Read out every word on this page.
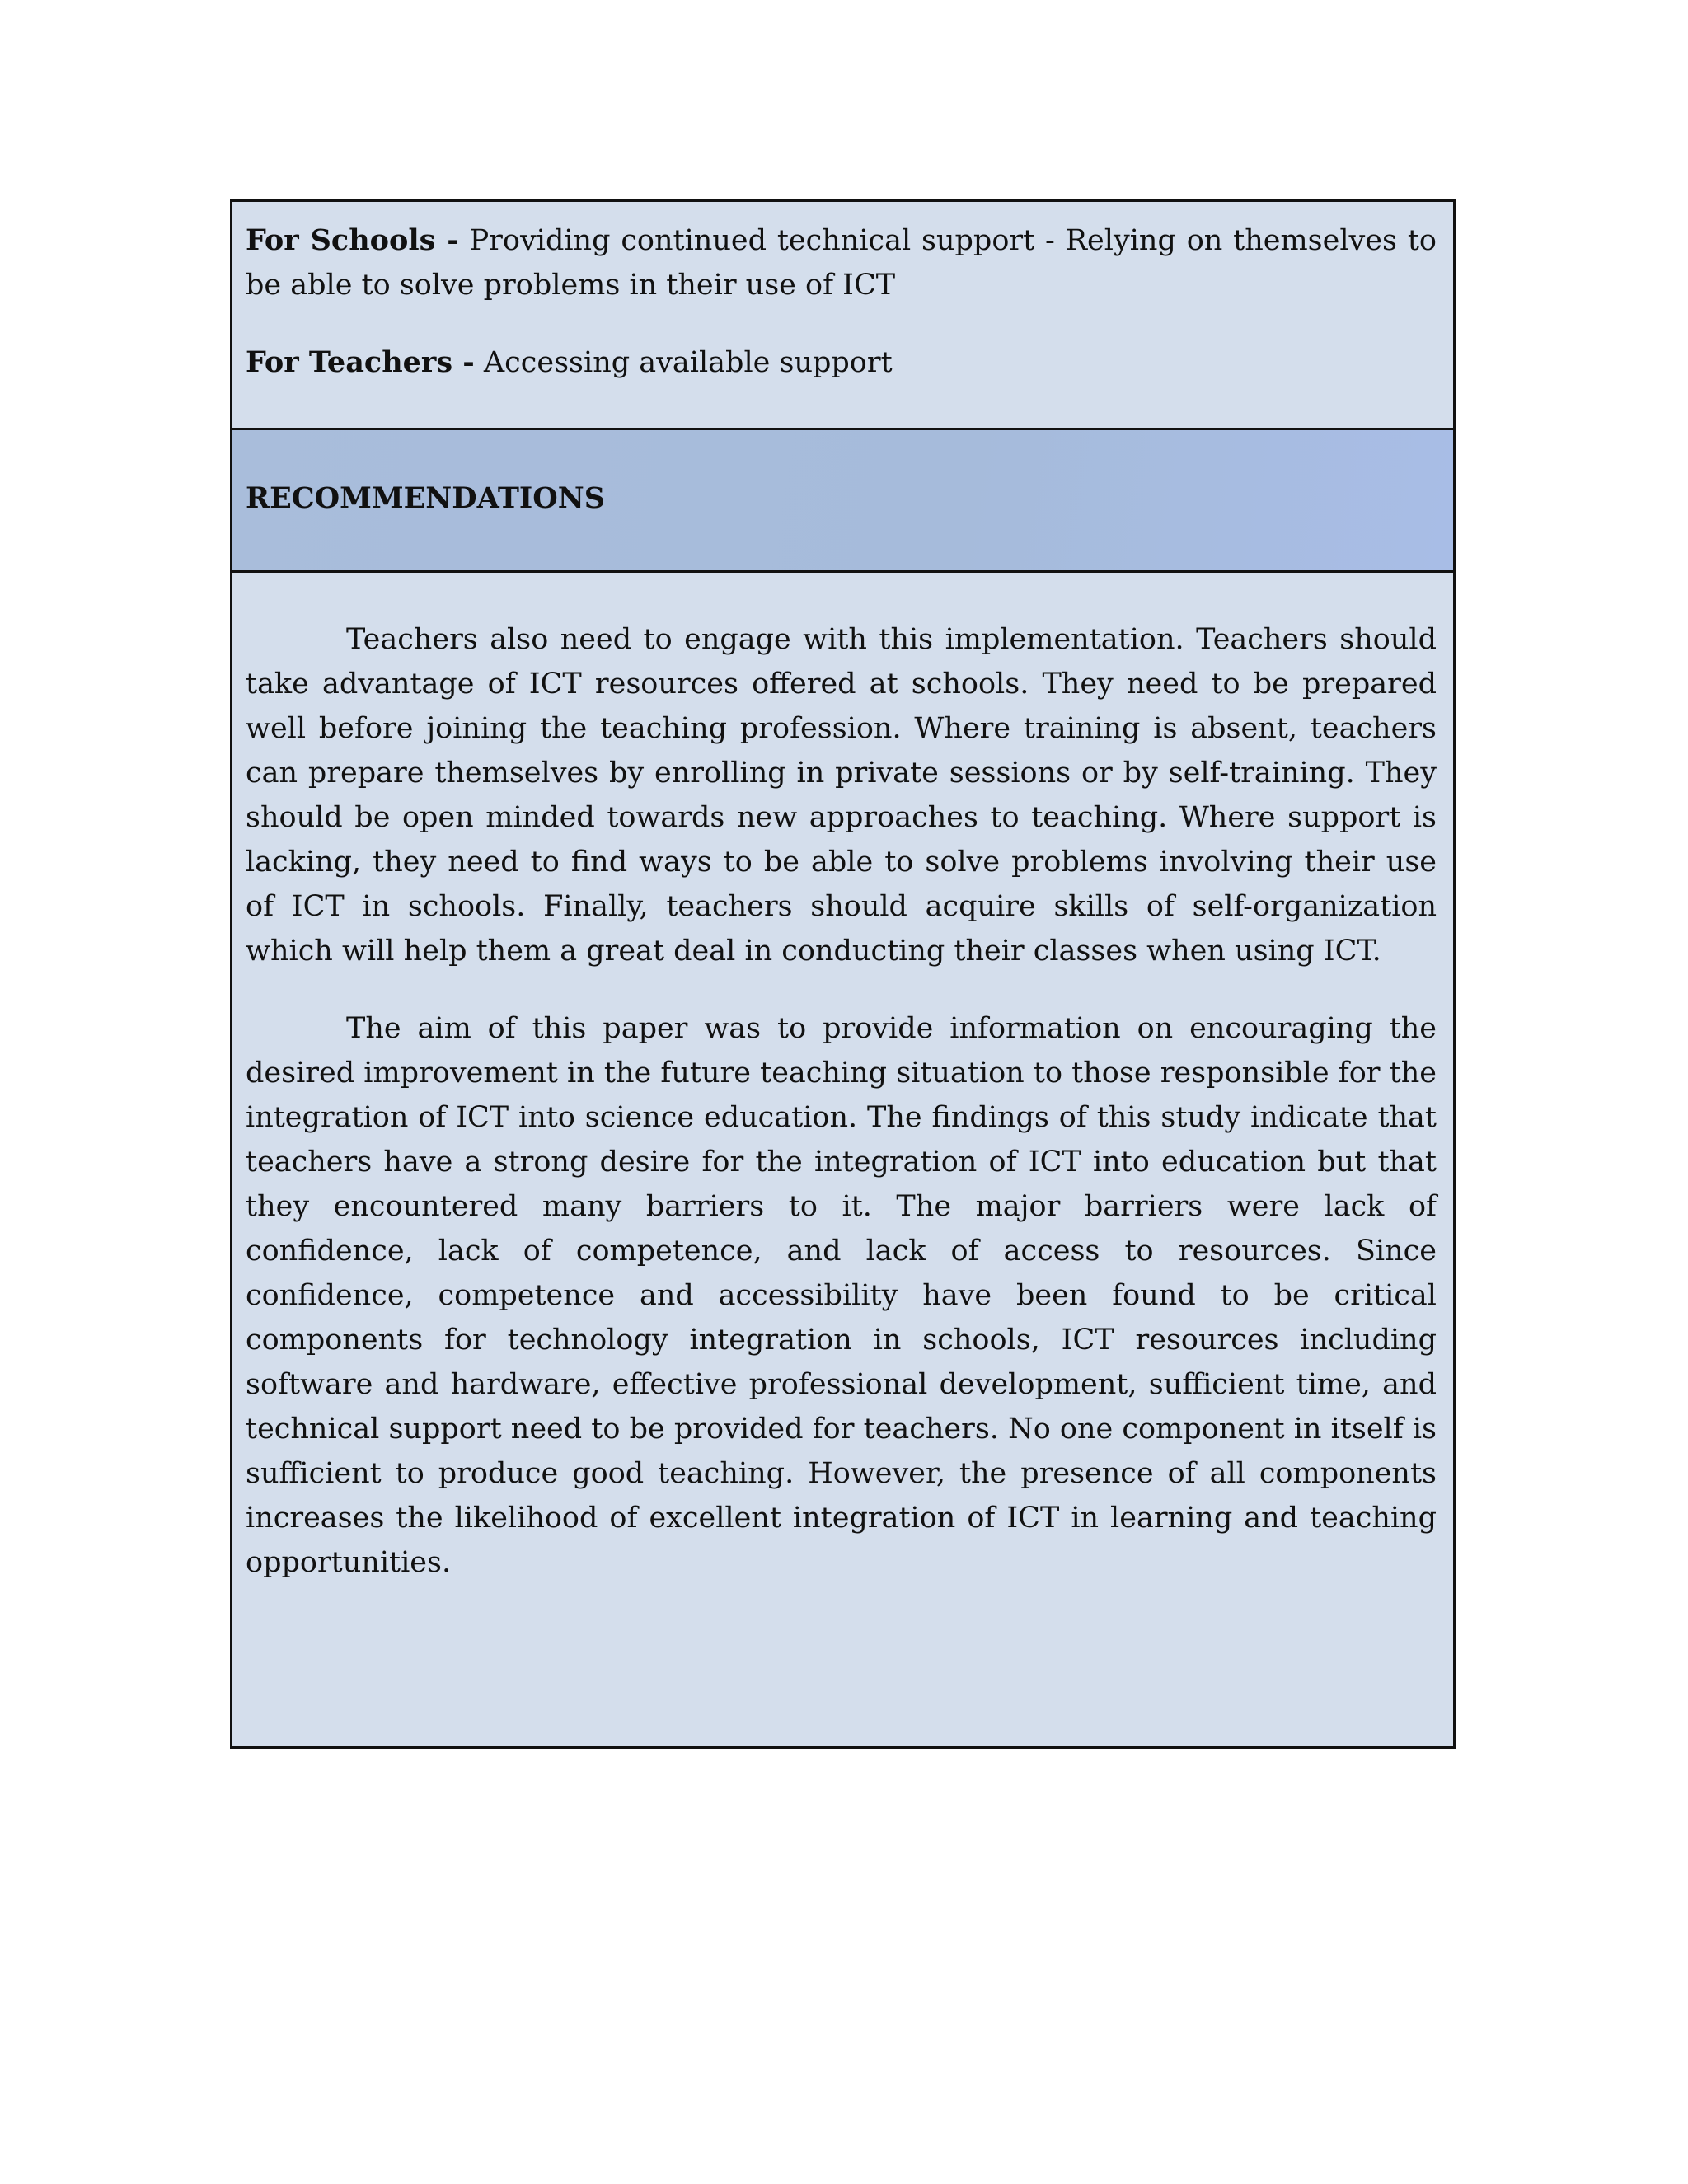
For Schools - Providing continued technical support - Relying on themselves to be able to solve problems in their use of ICT

For Teachers - Accessing available support

RECOMMENDATIONS

Teachers also need to engage with this implementation. Teachers should take advantage of ICT resources offered at schools. They need to be prepared well before joining the teaching profession. Where training is absent, teachers can prepare themselves by enrolling in private sessions or by self-training. They should be open minded towards new approaches to teaching. Where support is lacking, they need to find ways to be able to solve problems involving their use of ICT in schools. Finally, teachers should acquire skills of self-organization which will help them a great deal in conducting their classes when using ICT.

The aim of this paper was to provide information on encouraging the desired improvement in the future teaching situation to those responsible for the integration of ICT into science education. The findings of this study indicate that teachers have a strong desire for the integration of ICT into education but that they encountered many barriers to it. The major barriers were lack of confidence, lack of competence, and lack of access to resources. Since confidence, competence and accessibility have been found to be critical components for technology integration in schools, ICT resources including software and hardware, effective professional development, sufficient time, and technical support need to be provided for teachers. No one component in itself is sufficient to produce good teaching. However, the presence of all components increases the likelihood of excellent integration of ICT in learning and teaching opportunities.
